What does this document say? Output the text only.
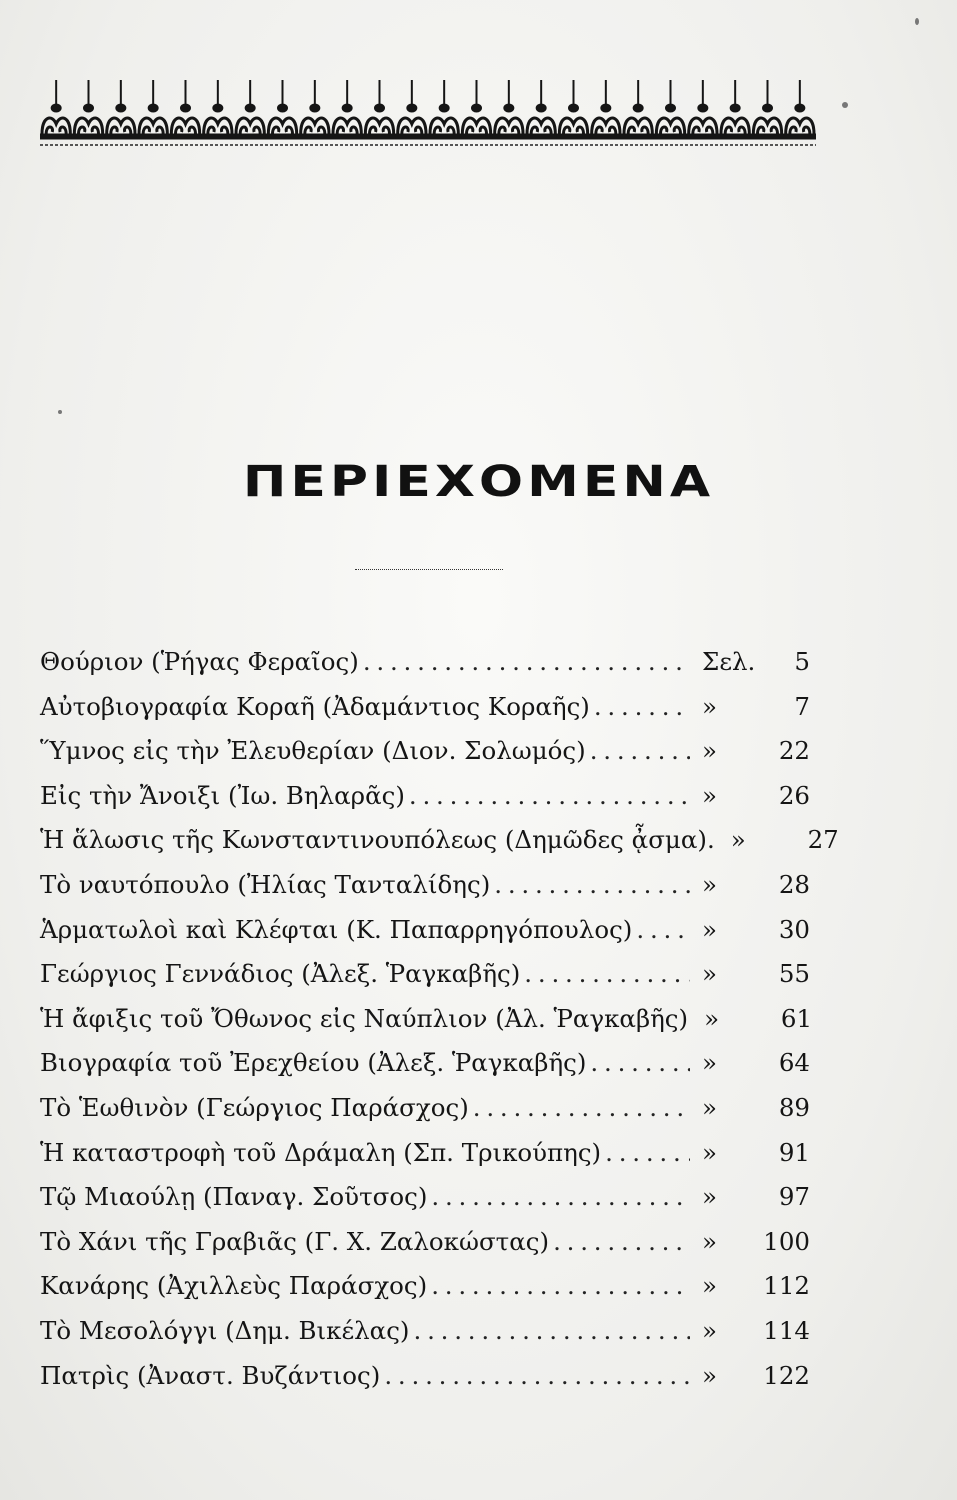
ΠΕΡΙΕΧΟΜΕΝΑ
Θούριον (Ῥήγας Φεραῖος) . . .	Σελ.	5
Αὐτοβιογραφία Κοραῆ (Ἀδαμάντιος Κοραῆς) . . .	»	7
Ὕμνος εἰς τὴν Ἐλευθερίαν (Διον. Σολωμός) . . .	»	22
Εἰς τὴν Ἄνοιξι (Ἰω. Βηλαρᾶς) . . .	»	26
Ἡ ἅλωσις τῆς Κωνσταντινουπόλεως (Δημῶδες ᾆσμα). . . . »	27
Τὸ ναυτόπουλο (Ἠλίας Τανταλίδης) . . .	»	28
Ἁρματωλοὶ καὶ Κλέφται (Κ. Παπαρρηγόπουλος) . . .	»	30
Γεώργιος Γεννάδιος (Ἀλεξ. Ῥαγκαβῆς) . . .	»	55
Ἡ ἄφιξις τοῦ Ὄθωνος εἰς Ναύπλιον (Ἀλ. Ῥαγκαβῆς) . . . »	61
Βιογραφία τοῦ Ἐρεχθείου (Ἀλεξ. Ῥαγκαβῆς) . . .	»	64
Τὸ Ἑωθινὸν (Γεώργιος Παράσχος) . . .	»	89
Ἡ καταστροφὴ τοῦ Δράμαλη (Σπ. Τρικούπης) . . .	»	91
Τῷ Μιαούλῃ (Παναγ. Σοῦτσος) . . .	»	97
Τὸ Χάνι τῆς Γραβιᾶς (Γ. Χ. Ζαλοκώστας) . . .	»	100
Κανάρης (Ἀχιλλεὺς Παράσχος) . . .	»	112
Τὸ Μεσολόγγι (Δημ. Βικέλας) . . .	»	114
Πατρὶς (Ἀναστ. Βυζάντιος) . . .	»	122
